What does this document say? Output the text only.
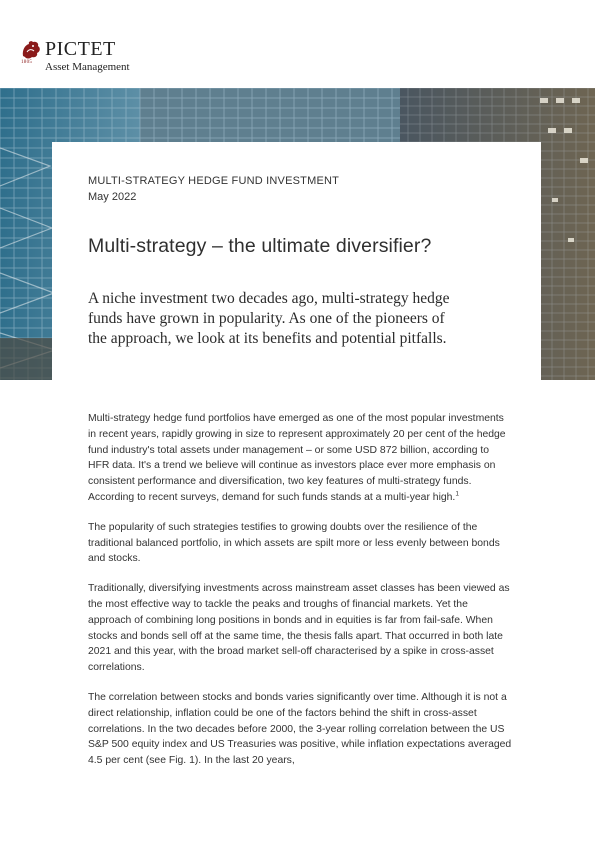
1805
PICTET
Asset Management
MULTI-STRATEGY HEDGE FUND INVESTMENT
May 2022
Multi-strategy – the ultimate diversifier?
A niche investment two decades ago, multi-strategy hedge funds have grown in popularity. As one of the pioneers of the approach, we look at its benefits and potential pitfalls.

Multi-strategy hedge fund portfolios have emerged as one of the most popular investments in recent years, rapidly growing in size to represent approximately 20 per cent of the hedge fund industry's total assets under management – or some USD 872 billion, according to HFR data. It's a trend we believe will continue as investors place ever more emphasis on consistent performance and diversification, two key features of multi-strategy funds. According to recent surveys, demand for such funds stands at a multi-year high.$^1$

The popularity of such strategies testifies to growing doubts over the resilience of the traditional balanced portfolio, in which assets are spilt more or less evenly between bonds and stocks.

Traditionally, diversifying investments across mainstream asset classes has been viewed as the most effective way to tackle the peaks and troughs of financial markets. Yet the approach of combining long positions in bonds and in equities is far from fail-safe. When stocks and bonds sell off at the same time, the thesis falls apart. That occurred in both late 2021 and this year, with the broad market sell-off characterised by a spike in cross-asset correlations.

The correlation between stocks and bonds varies significantly over time. Although it is not a direct relationship, inflation could be one of the factors behind the shift in cross-asset correlations. In the two decades before 2000, the 3-year rolling correlation between the US S&P 500 equity index and US Treasuries was positive, while inflation expectations averaged 4.5 per cent (see Fig. 1). In the last 20 years,
